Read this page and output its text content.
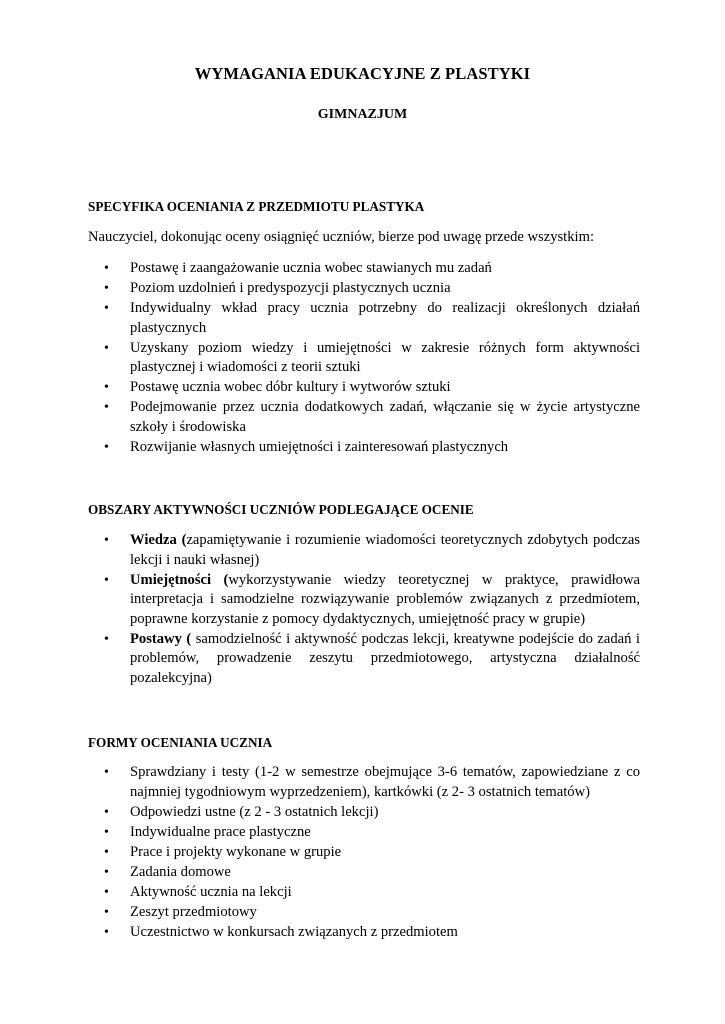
WYMAGANIA EDUKACYJNE Z PLASTYKI
GIMNAZJUM
SPECYFIKA OCENIANIA Z PRZEDMIOTU PLASTYKA

Nauczyciel, dokonując oceny osiągnięć uczniów, bierze pod uwagę przede wszystkim:

• Postawę i zaangażowanie ucznia wobec stawianych mu zadań
• Poziom uzdolnień i predyspozycji plastycznych ucznia
• Indywidualny wkład pracy ucznia potrzebny do realizacji określonych działań plastycznych
• Uzyskany poziom wiedzy i umiejętności w zakresie różnych form aktywności plastycznej i wiadomości z teorii sztuki
• Postawę ucznia wobec dóbr kultury i wytworów sztuki
• Podejmowanie przez ucznia dodatkowych zadań, włączanie się w życie artystyczne szkoły i środowiska
• Rozwijanie własnych umiejętności i zainteresowań plastycznych
OBSZARY AKTYWNOŚCI UCZNIÓW PODLEGAJĄCE OCENIE
• Wiedza (zapamiętywanie i rozumienie wiadomości teoretycznych zdobytych podczas lekcji i nauki własnej)
• Umiejętności (wykorzystywanie wiedzy teoretycznej w praktyce, prawidłowa interpretacja i samodzielne rozwiązywanie problemów związanych z przedmiotem, poprawne korzystanie z pomocy dydaktycznych, umiejętność pracy w grupie)
• Postawy ( samodzielność i aktywność podczas lekcji, kreatywne podejście do zadań i problemów, prowadzenie zeszytu przedmiotowego, artystyczna działalność pozalekcyjna)
FORMY OCENIANIA UCZNIA
• Sprawdziany i testy (1-2 w semestrze obejmujące 3-6 tematów, zapowiedziane z co najmniej tygodniowym wyprzedzeniem), kartkówki (z 2- 3 ostatnich tematów)
• Odpowiedzi ustne (z 2 - 3 ostatnich lekcji)
• Indywidualne prace plastyczne
• Prace i projekty wykonane w grupie
• Zadania domowe
• Aktywność ucznia na lekcji
• Zeszyt przedmiotowy
• Uczestnictwo w konkursach związanych z przedmiotem
